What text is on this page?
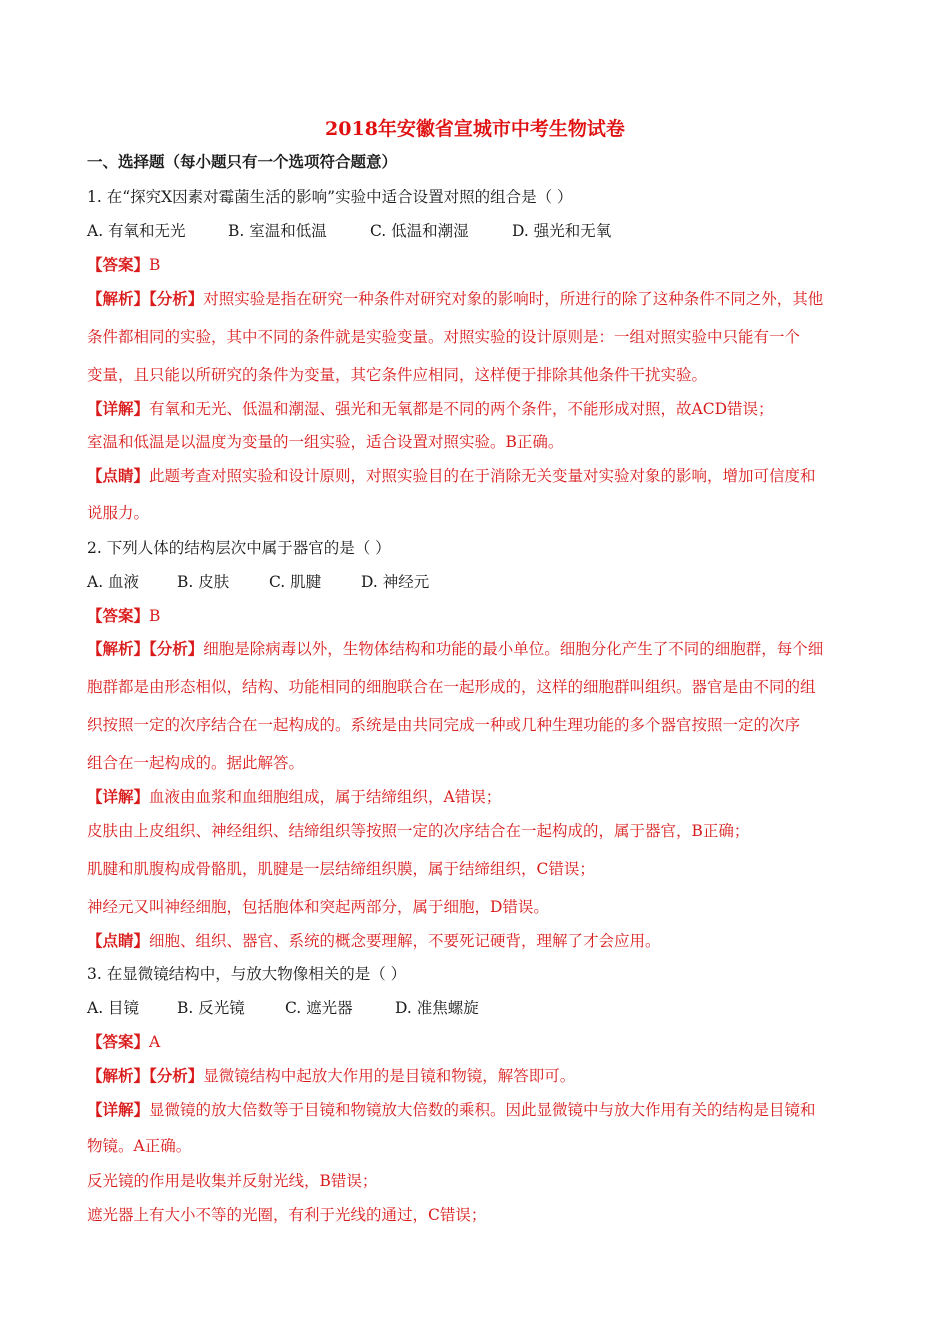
2018年安徽省宣城市中考生物试卷
一、选择题（每小题只有一个选项符合题意）
1. 在“探究X因素对霉菌生活的影响”实验中适合设置对照的组合是（ ）
A. 有氧和无光	B. 室温和低温	C. 低温和潮湿	D. 强光和无氧
【答案】B
【解析】【分析】对照实验是指在研究一种条件对研究对象的影响时，所进行的除了这种条件不同之外，其他
条件都相同的实验，其中不同的条件就是实验变量。对照实验的设计原则是：一组对照实验中只能有一个
变量，且只能以所研究的条件为变量，其它条件应相同，这样便于排除其他条件干扰实验。
【详解】有氧和无光、低温和潮湿、强光和无氧都是不同的两个条件，不能形成对照，故ACD错误；
室温和低温是以温度为变量的一组实验，适合设置对照实验。B正确。
【点睛】此题考查对照实验和设计原则，对照实验目的在于消除无关变量对实验对象的影响，增加可信度和
说服力。
2. 下列人体的结构层次中属于器官的是（ ）
A. 血液 B. 皮肤	C. 肌腱	D. 神经元
【答案】B
【解析】【分析】细胞是除病毒以外，生物体结构和功能的最小单位。细胞分化产生了不同的细胞群，每个细
胞群都是由形态相似，结构、功能相同的细胞联合在一起形成的，这样的细胞群叫组织。器官是由不同的组
织按照一定的次序结合在一起构成的。系统是由共同完成一种或几种生理功能的多个器官按照一定的次序
组合在一起构成的。据此解答。
【详解】血液由血浆和血细胞组成，属于结缔组织，A错误；
皮肤由上皮组织、神经组织、结缔组织等按照一定的次序结合在一起构成的，属于器官，B正确；
肌腱和肌腹构成骨骼肌，肌腱是一层结缔组织膜，属于结缔组织，C错误；
神经元又叫神经细胞，包括胞体和突起两部分，属于细胞，D错误。
【点睛】细胞、组织、器官、系统的概念要理解，不要死记硬背，理解了才会应用。
3. 在显微镜结构中，与放大物像相关的是（ ）
A. 目镜 B. 反光镜	C. 遮光器	D. 准焦螺旋
【答案】A
【解析】【分析】显微镜结构中起放大作用的是目镜和物镜，解答即可。
【详解】显微镜的放大倍数等于目镜和物镜放大倍数的乘积。因此显微镜中与放大作用有关的结构是目镜和
物镜。A正确。
反光镜的作用是收集并反射光线，B错误；
遮光器上有大小不等的光圈，有利于光线的通过，C错误；
